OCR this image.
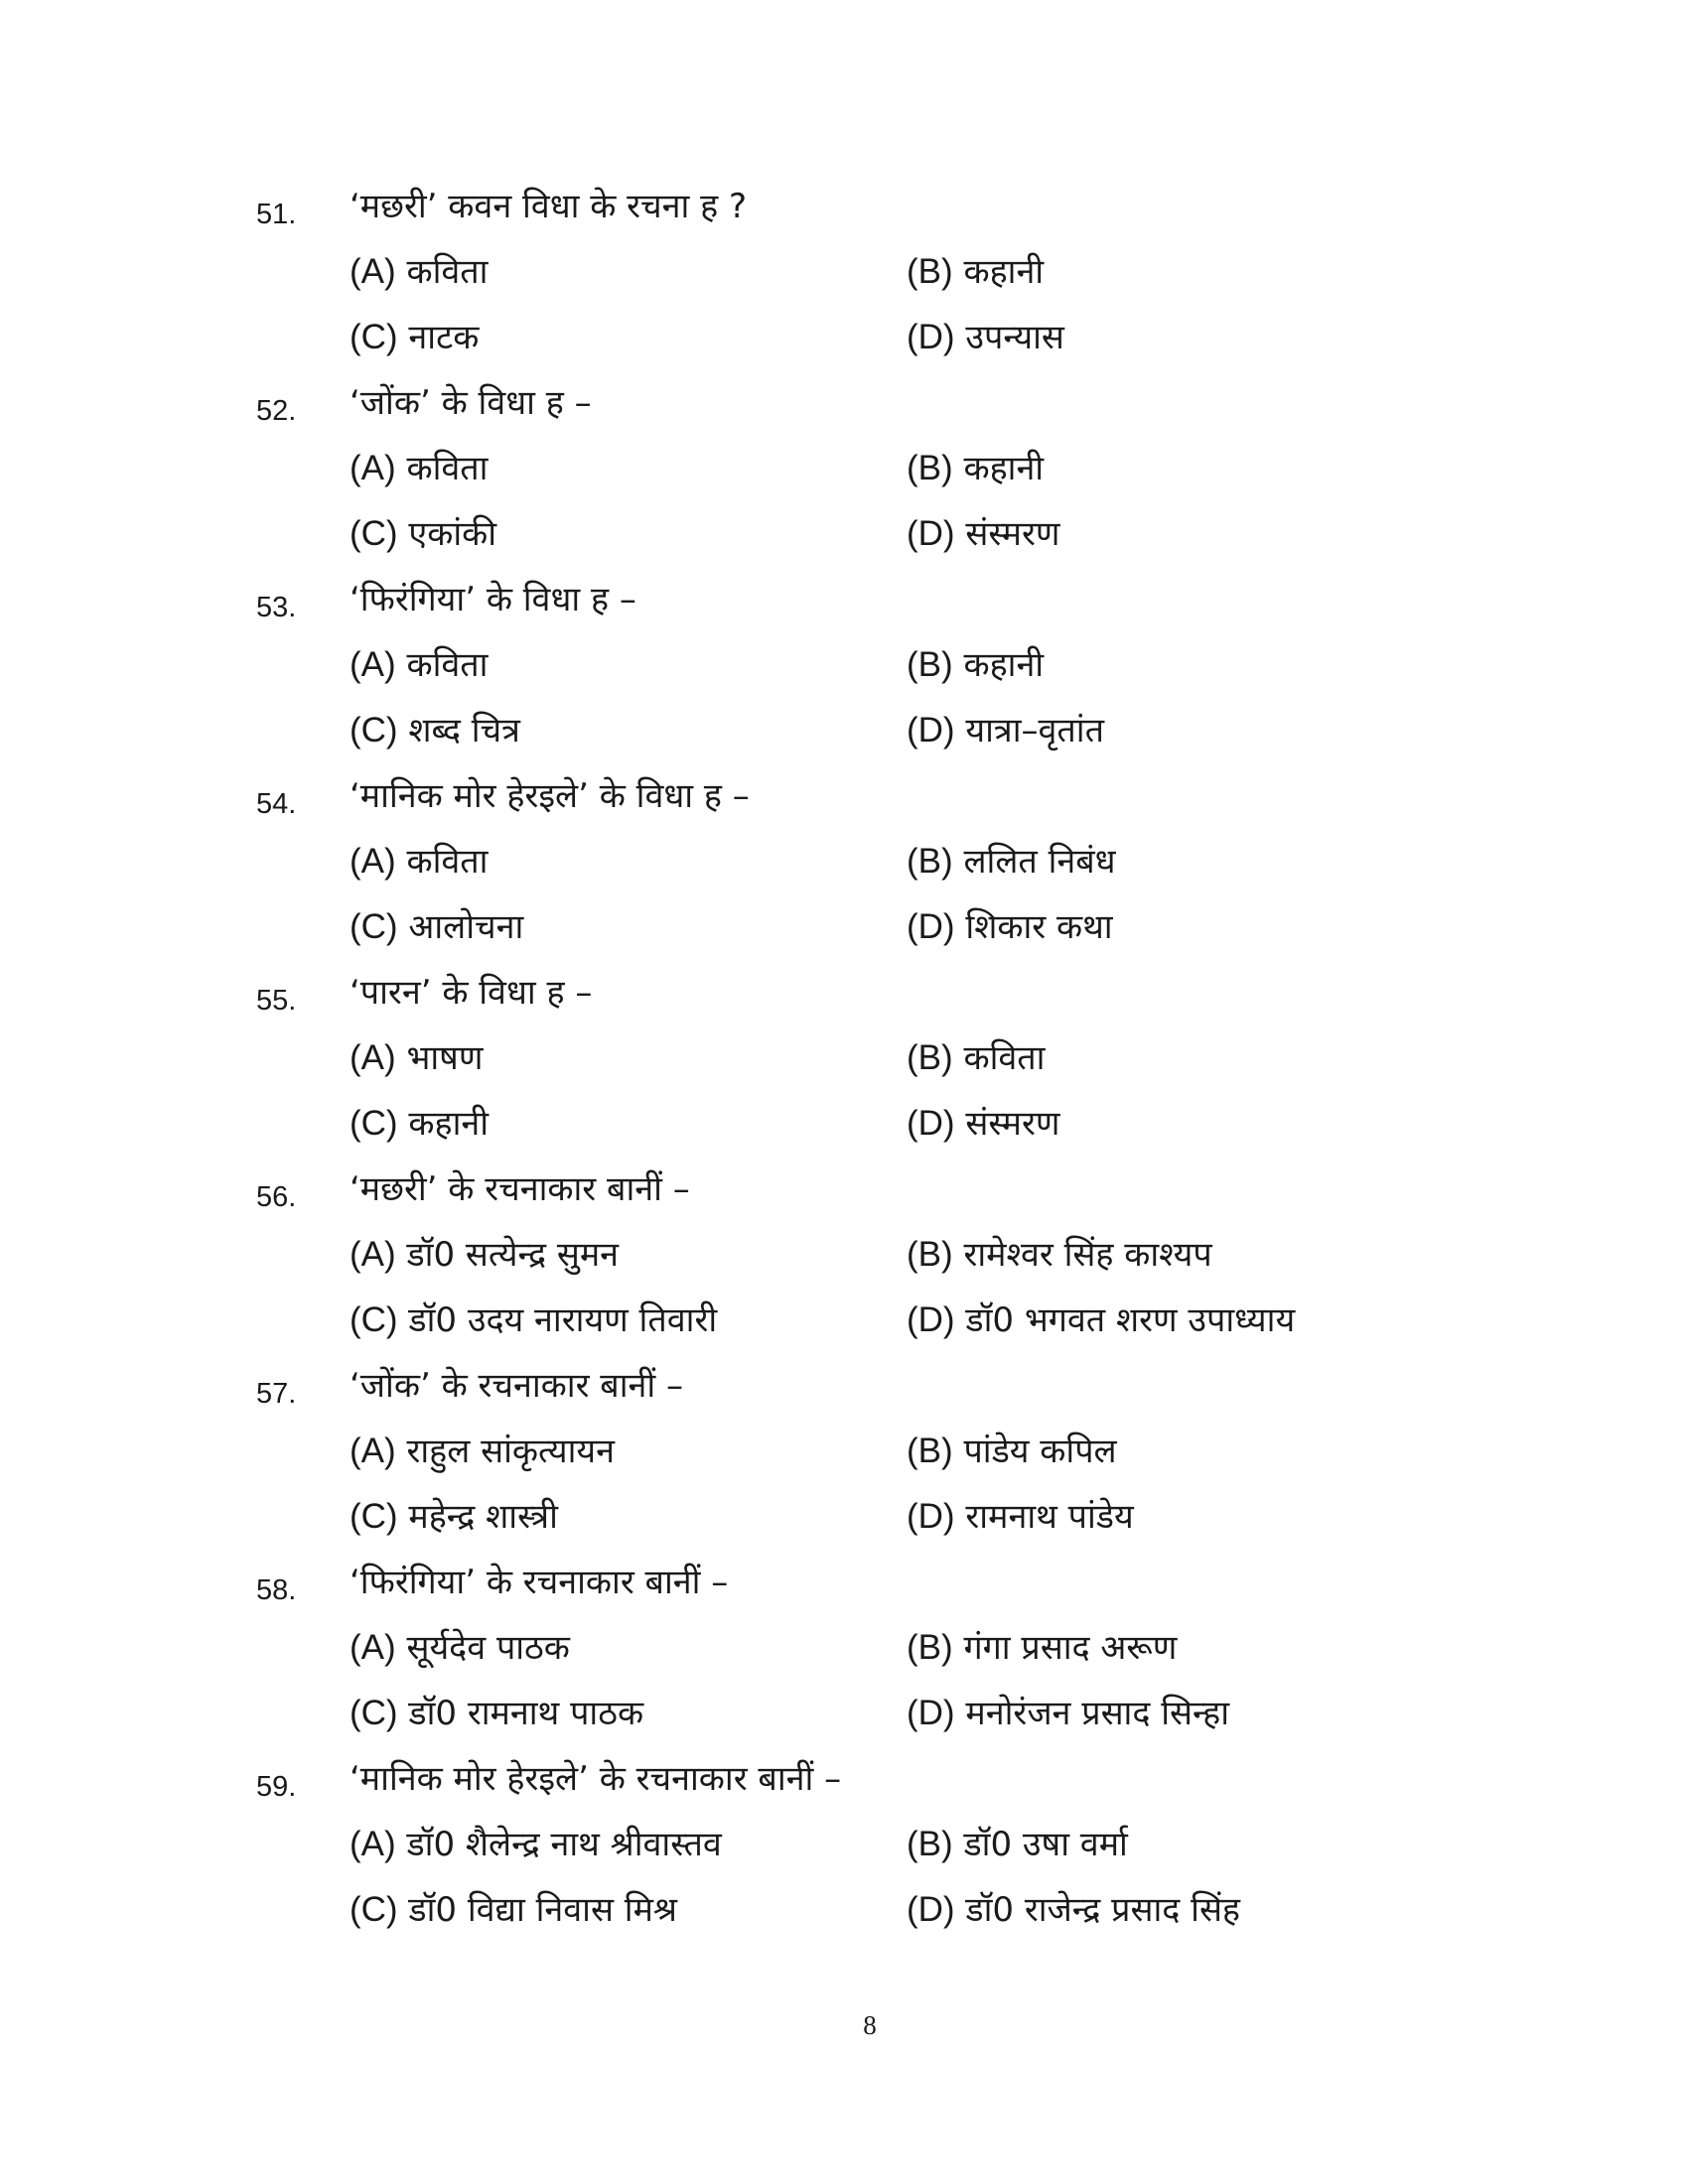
51. ‘मछरी’ कवन विधा के रचना ह ?
(A) कविता	(B) कहानी
(C) नाटक	(D) उपन्यास
52. ‘जोंक’ के विधा ह –
(A) कविता	(B) कहानी
(C) एकांकी	(D) संस्मरण
53. ‘फिरंगिया’ के विधा ह –
(A) कविता	(B) कहानी
(C) शब्द चित्र	(D) यात्रा–वृतांत
54. ‘मानिक मोर हेरइले’ के विधा ह –
(A) कविता	(B) ललित निबंध
(C) आलोचना	(D) शिकार कथा
55. ‘पारन’ के विधा ह –
(A) भाषण	(B) कविता
(C) कहानी	(D) संस्मरण
56. ‘मछरी’ के रचनाकार बानीं –
(A) डॉ0 सत्येन्द्र सुमन	(B) रामेश्वर सिंह काश्यप
(C) डॉ0 उदय नारायण तिवारी	(D) डॉ0 भगवत शरण उपाध्याय
57. ‘जोंक’ के रचनाकार बानीं –
(A) राहुल सांकृत्यायन	(B) पांडेय कपिल
(C) महेन्द्र शास्त्री	(D) रामनाथ पांडेय
58. ‘फिरंगिया’ के रचनाकार बानीं –
(A) सूर्यदेव पाठक	(B) गंगा प्रसाद अरूण
(C) डॉ0 रामनाथ पाठक	(D) मनोरंजन प्रसाद सिन्हा
59. ‘मानिक मोर हेरइले’ के रचनाकार बानीं –
(A) डॉ0 शैलेन्द्र नाथ श्रीवास्तव	(B) डॉ0 उषा वर्मा
(C) डॉ0 विद्या निवास मिश्र	(D) डॉ0 राजेन्द्र प्रसाद सिंह
8
